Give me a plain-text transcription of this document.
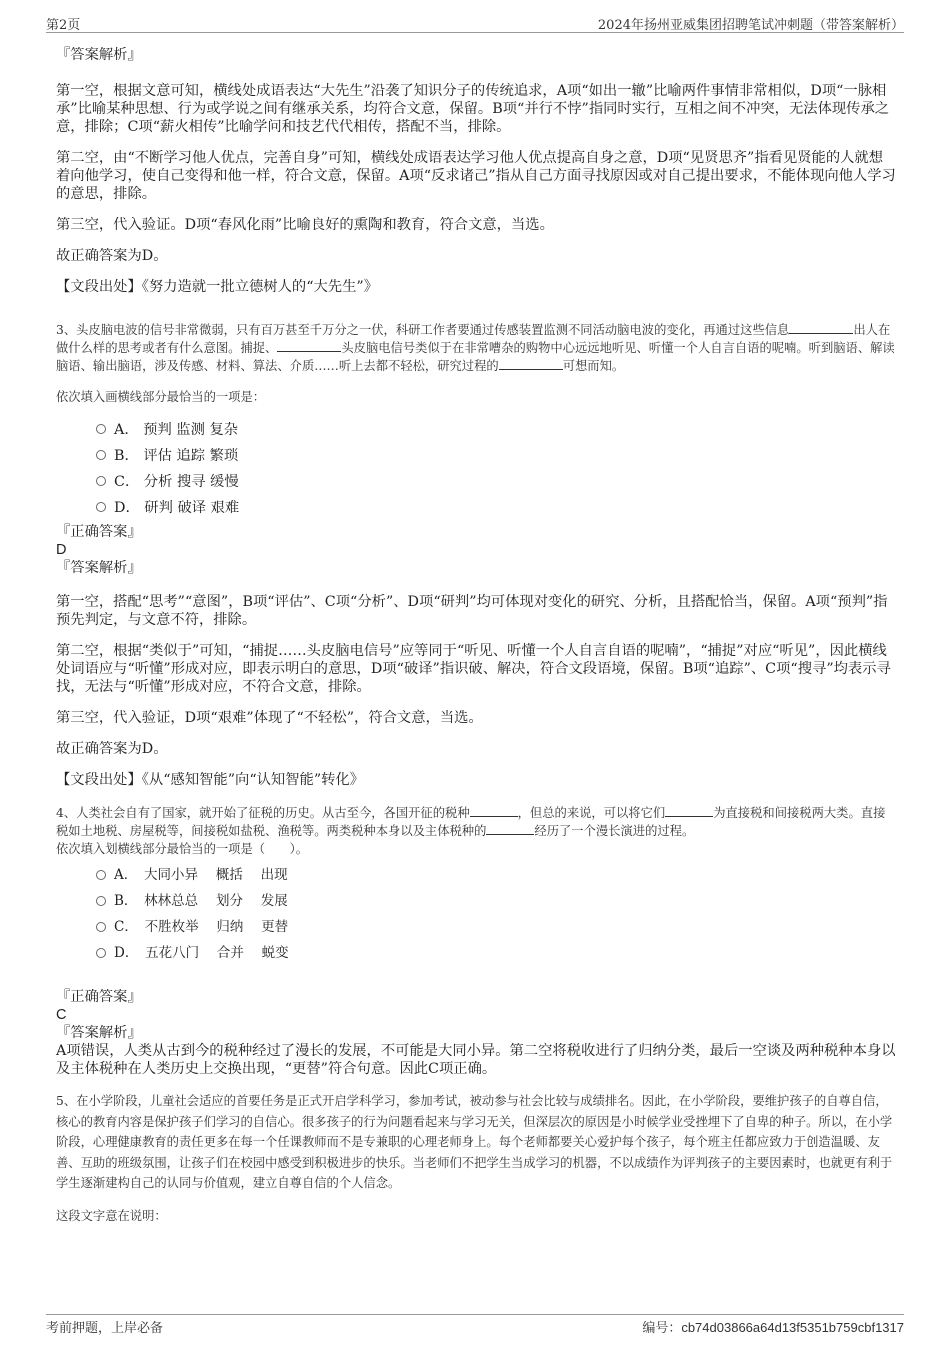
第2页	2024年扬州亚威集团招聘笔试冲刺题（带答案解析）

『答案解析』

第一空，根据文意可知，横线处成语表达“大先生”沿袭了知识分子的传统追求，A项“如出一辙”比喻两件事情非常相似，D项“一脉相承”比喻某种思想、行为或学说之间有继承关系，均符合文意，保留。B项“并行不悖”指同时实行，互相之间不冲突，无法体现传承之意，排除；C项“薪火相传”比喻学问和技艺代代相传，搭配不当，排除。

第二空，由“不断学习他人优点，完善自身”可知，横线处成语表达学习他人优点提高自身之意，D项“见贤思齐”指看见贤能的人就想着向他学习，使自己变得和他一样，符合文意，保留。A项“反求诸己”指从自己方面寻找原因或对自己提出要求，不能体现向他人学习的意思，排除。

第三空，代入验证。D项“春风化雨”比喻良好的熏陶和教育，符合文意，当选。

故正确答案为D。

【文段出处】《努力造就一批立德树人的“大先生”》

3、头皮脑电波的信号非常微弱，只有百万甚至千万分之一伏，科研工作者要通过传感装置监测不同活动脑电波的变化，再通过这些信息	出人在做什么样的思考或者有什么意图。捕捉、	头皮脑电信号类似于在非常嘈杂的购物中心远远地听见、听懂一个人自言自语的呢喃。听到脑语、解读脑语、输出脑语，涉及传感、材料、算法、介质……听上去都不轻松，研究过程的	可想而知。

依次填入画横线部分最恰当的一项是：

A． 预判 监测 复杂
B． 评估 追踪 繁琐
C． 分析 搜寻 缓慢
D． 研判 破译 艰难

『正确答案』

D

『答案解析』

第一空，搭配“思考”“意图”，B项“评估”、C项“分析”、D项“研判”均可体现对变化的研究、分析，且搭配恰当，保留。A项“预判”指预先判定，与文意不符，排除。

第二空，根据“类似于”可知，“捕捉……头皮脑电信号”应等同于“听见、听懂一个人自言自语的呢喃”，“捕捉”对应“听见”，因此横线处词语应与“听懂”形成对应，即表示明白的意思，D项“破译”指识破、解决，符合文段语境，保留。B项“追踪”、C项“搜寻”均表示寻找，无法与“听懂”形成对应，不符合文意，排除。

第三空，代入验证，D项“艰难”体现了“不轻松”，符合文意，当选。

故正确答案为D。

【文段出处】《从“感知智能”向“认知智能”转化》

4、人类社会自有了国家，就开始了征税的历史。从古至今，各国开征的税种	，但总的来说，可以将它们	为直接税和间接税两大类。直接税如土地税、房屋税等，间接税如盐税、渔税等。两类税种本身以及主体税种的	经历了一个漫长演进的过程。

依次填入划横线部分最恰当的一项是（　　）。

A．　大同小异　 概括　 出现
B．　林林总总　 划分　 发展
C．　不胜枚举　 归纳　 更替
D．　五花八门　 合并　 蜕变

『正确答案』

C

『答案解析』

A项错误，人类从古到今的税种经过了漫长的发展，不可能是大同小异。第二空将税收进行了归纳分类，最后一空谈及两种税种本身以及主体税种在人类历史上交换出现，“更替”符合句意。因此C项正确。

5、在小学阶段，儿童社会适应的首要任务是正式开启学科学习，参加考试，被动参与社会比较与成绩排名。因此，在小学阶段，要维护孩子的自尊自信，核心的教育内容是保护孩子们学习的自信心。很多孩子的行为问题看起来与学习无关，但深层次的原因是小时候学业受挫埋下了自卑的种子。所以，在小学阶段，心理健康教育的责任更多在每一个任课教师而不是专兼职的心理老师身上。每个老师都要关心爱护每个孩子，每个班主任都应致力于创造温暖、友善、互助的班级氛围，让孩子们在校园中感受到积极进步的快乐。当老师们不把学生当成学习的机器，不以成绩作为评判孩子的主要因素时，也就更有利于学生逐渐建构自己的认同与价值观，建立自尊自信的个人信念。

这段文字意在说明：

考前押题，上岸必备	编号：cb74d03866a64d13f5351b759cbf1317
